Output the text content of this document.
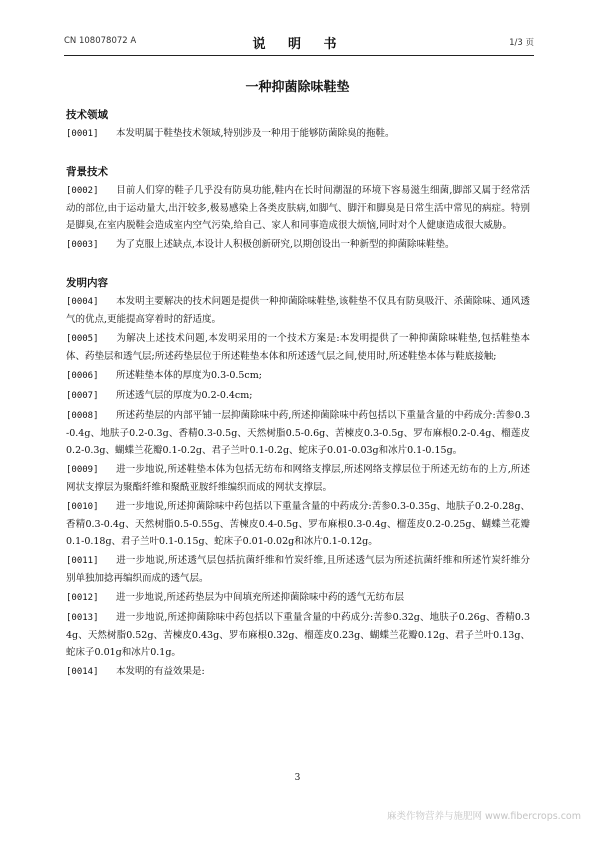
CN 108078072 A	说 明 书	1/3 页
一种抑菌除味鞋垫
技术领域
[0001] 本发明属于鞋垫技术领域,特别涉及一种用于能够防菌除臭的拖鞋。
背景技术
[0002] 目前人们穿的鞋子几乎没有防臭功能,鞋内在长时间潮湿的环境下容易滋生细菌,脚部又属于经常活动的部位,由于运动量大,出汗较多,极易感染上各类皮肤病,如脚气、脚汗和脚臭是日常生活中常见的病症。特别是脚臭,在室内脱鞋会造成室内空气污染,给自己、家人和同事造成很大烦恼,同时对个人健康造成很大威胁。
[0003] 为了克服上述缺点,本设计人积极创新研究,以期创设出一种新型的抑菌除味鞋垫。
发明内容
[0004] 本发明主要解决的技术问题是提供一种抑菌除味鞋垫,该鞋垫不仅具有防臭吸汗、杀菌除味、通风透气的优点,更能提高穿着时的舒适度。
[0005] 为解决上述技术问题,本发明采用的一个技术方案是:本发明提供了一种抑菌除味鞋垫,包括鞋垫本体、药垫层和透气层;所述药垫层位于所述鞋垫本体和所述透气层之间,使用时,所述鞋垫本体与鞋底接触;
[0006] 所述鞋垫本体的厚度为0.3-0.5cm;
[0007] 所述透气层的厚度为0.2-0.4cm;
[0008] 所述药垫层的内部平铺一层抑菌除味中药,所述抑菌除味中药包括以下重量含量的中药成分:苦参0.3-0.4g、地肤子0.2-0.3g、香精0.3-0.5g、天然树脂0.5-0.6g、苦楝皮0.3-0.5g、罗布麻根0.2-0.4g、榴莲皮0.2-0.3g、蝴蝶兰花瓣0.1-0.2g、君子兰叶0.1-0.2g、蛇床子0.01-0.03g和冰片0.1-0.15g。
[0009] 进一步地说,所述鞋垫本体为包括无纺布和网络支撑层,所述网络支撑层位于所述无纺布的上方,所述网状支撑层为聚酯纤维和聚酰亚胺纤维编织而成的网状支撑层。
[0010] 进一步地说,所述抑菌除味中药包括以下重量含量的中药成分:苦参0.3-0.35g、地肤子0.2-0.28g、香精0.3-0.4g、天然树脂0.5-0.55g、苦楝皮0.4-0.5g、罗布麻根0.3-0.4g、榴莲皮0.2-0.25g、蝴蝶兰花瓣0.1-0.18g、君子兰叶0.1-0.15g、蛇床子0.01-0.02g和冰片0.1-0.12g。
[0011] 进一步地说,所述透气层包括抗菌纤维和竹炭纤维,且所述透气层为所述抗菌纤维和所述竹炭纤维分别单独加捻再编织而成的透气层。
[0012] 进一步地说,所述药垫层为中间填充所述抑菌除味中药的透气无纺布层
[0013] 进一步地说,所述抑菌除味中药包括以下重量含量的中药成分:苦参0.32g、地肤子0.26g、香精0.34g、天然树脂0.52g、苦楝皮0.43g、罗布麻根0.32g、榴莲皮0.23g、蝴蝶兰花瓣0.12g、君子兰叶0.13g、蛇床子0.01g和冰片0.1g。
[0014] 本发明的有益效果是:
3
麻类作物营养与施肥网 www.fibercrops.com
